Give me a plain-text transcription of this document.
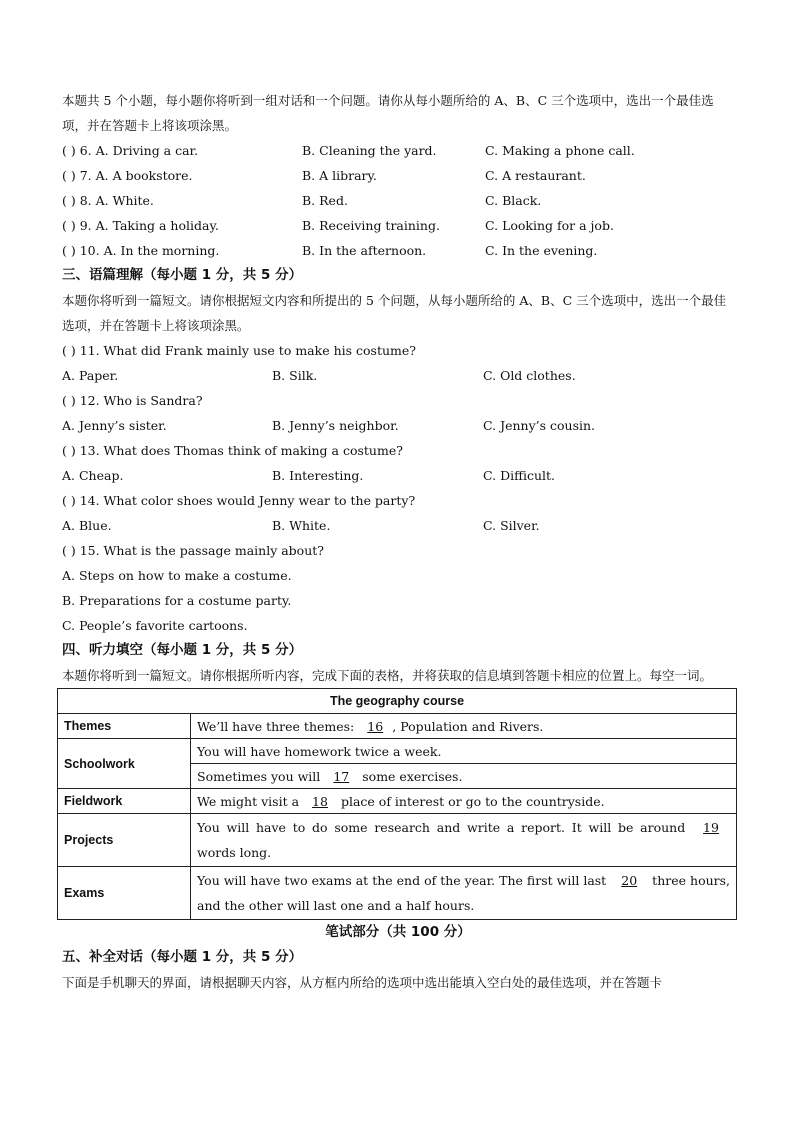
本题共 5 个小题，每小题你将听到一组对话和一个问题。请你从每小题所给的 A、B、C 三个选项中，选出一个最佳选项，并在答题卡上将该项涂黑。

( ) 6. A. Driving a car.	B. Cleaning the yard.	C. Making a phone call.
( ) 7. A. A bookstore.	B. A library.	C. A restaurant.
( ) 8. A. White.	B. Red.	C. Black.
( ) 9. A. Taking a holiday.	B. Receiving training.	C. Looking for a job.
( ) 10. A. In the morning.	B. In the afternoon.	C. In the evening.

三、语篇理解（每小题 1 分，共 5 分）

本题你将听到一篇短文。请你根据短文内容和所提出的 5 个问题，从每小题所给的 A、B、C 三个选项中，选出一个最佳选项，并在答题卡上将该项涂黑。

( ) 11. What did Frank mainly use to make his costume?
A. Paper.	B. Silk.	C. Old clothes.
( ) 12. Who is Sandra?
A. Jenny’s sister.	B. Jenny’s neighbor.	C. Jenny’s cousin.
( ) 13. What does Thomas think of making a costume?
A. Cheap.	B. Interesting.	C. Difficult.
( ) 14. What color shoes would Jenny wear to the party?
A. Blue.	B. White.	C. Silver.
( ) 15. What is the passage mainly about?
A. Steps on how to make a costume.
B. Preparations for a costume party.
C. People’s favorite cartoons.

四、听力填空（每小题 1 分，共 5 分）

本题你将听到一篇短文。请你根据所听内容，完成下面的表格，并将获取的信息填到答题卡相应的位置上。每空一词。

The geography course	
Themes	We’ll have three themes: 16 , Population and Rivers.
Schoolwork	You will have homework twice a week.
	Sometimes you will 17 some exercises.
Fieldwork	We might visit a 18 place of interest or go to the countryside.
Projects	You will have to do some research and write a report. It will be around 19 words long.
Exams	You will have two exams at the end of the year. The first will last 20 three hours, and the other will last one and a half hours.
笔试部分（共 100 分）

五、补全对话（每小题 1 分，共 5 分）

下面是手机聊天的界面，请根据聊天内容，从方框内所给的选项中选出能填入空白处的最佳选项，并在答题卡
